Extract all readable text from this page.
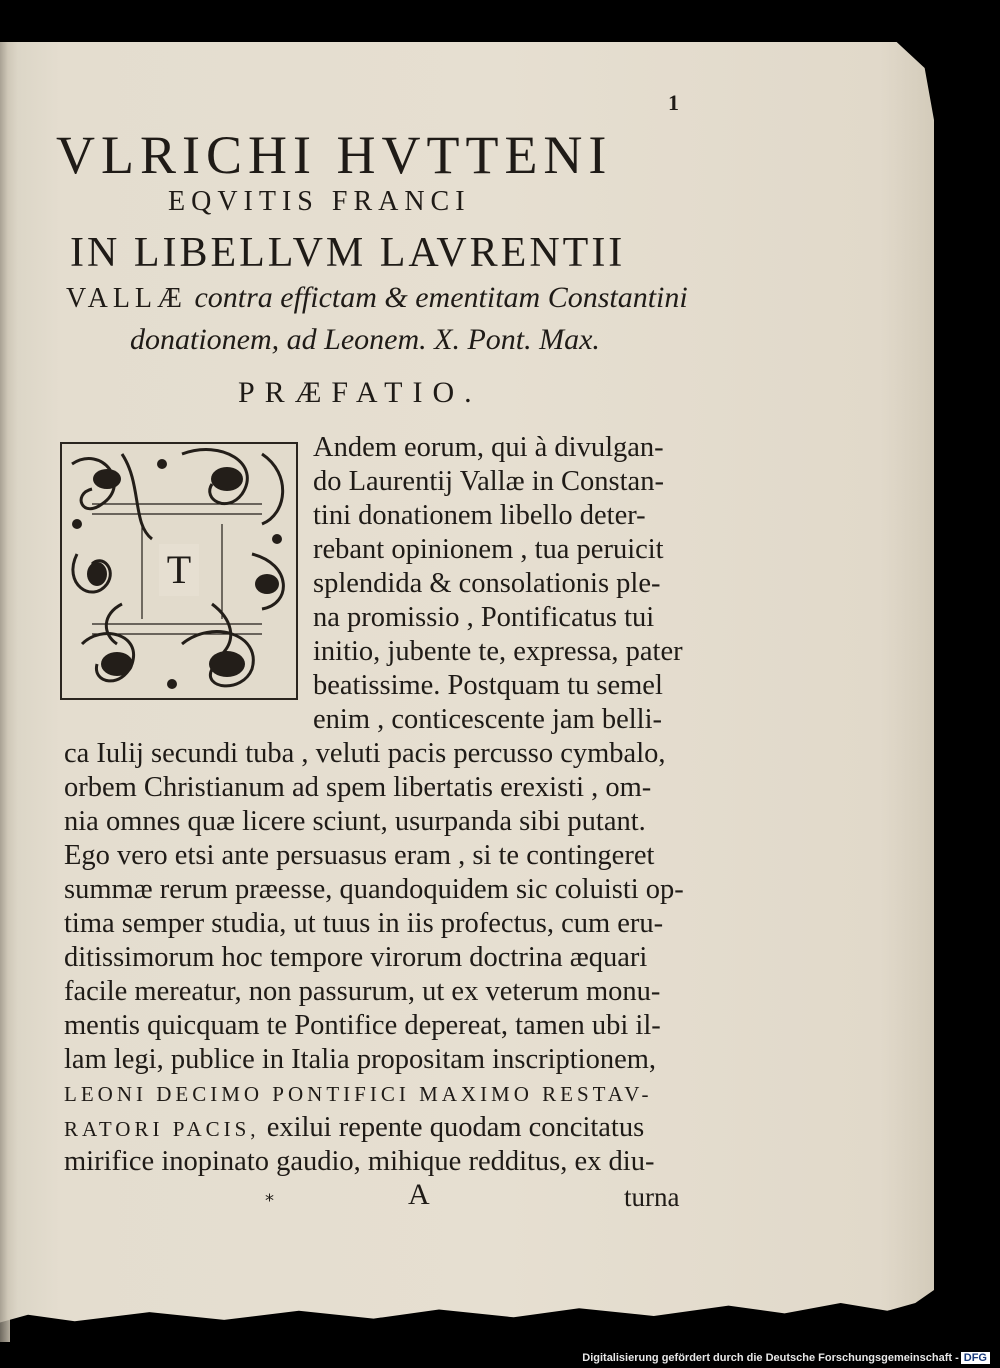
1
VLRICHI HVTTENI
EQVITIS FRANCI
IN LIBELLVM LAVRENTII
VALLÆ contra effictam & ementitam Constantini
donationem, ad Leonem. X. Pont. Max.
PRÆFATIO.
T
Andem eorum, qui à divulgan-
do Laurentij Vallæ in Constan-
tini donationem libello deter-
rebant opinionem , tua peruicit
splendida & consolationis ple-
na promissio , Pontificatus tui
initio, jubente te, expressa, pater
beatissime. Postquam tu semel
enim , conticescente jam belli-
ca Iulij secundi tuba , veluti pacis percusso cymbalo,
orbem Christianum ad spem libertatis erexisti , om-
nia omnes quæ licere sciunt, usurpanda sibi putant.
Ego vero etsi ante persuasus eram , si te contingeret
summæ rerum præesse, quandoquidem sic coluisti op-
tima semper studia, ut tuus in iis profectus, cum eru-
ditissimorum hoc tempore virorum doctrina æquari
facile mereatur, non passurum, ut ex veterum monu-
mentis quicquam te Pontifice depereat, tamen ubi il-
lam legi, publice in Italia propositam inscriptionem,
LEONI DECIMO PONTIFICI MAXIMO RESTAV-
RATORI PACIS, exilui repente quodam concitatus
mirifice inopinato gaudio, mihique redditus, ex diu-
⁎	A	turna
Digitalisierung gefördert durch die Deutsche Forschungsgemeinschaft - DFG
